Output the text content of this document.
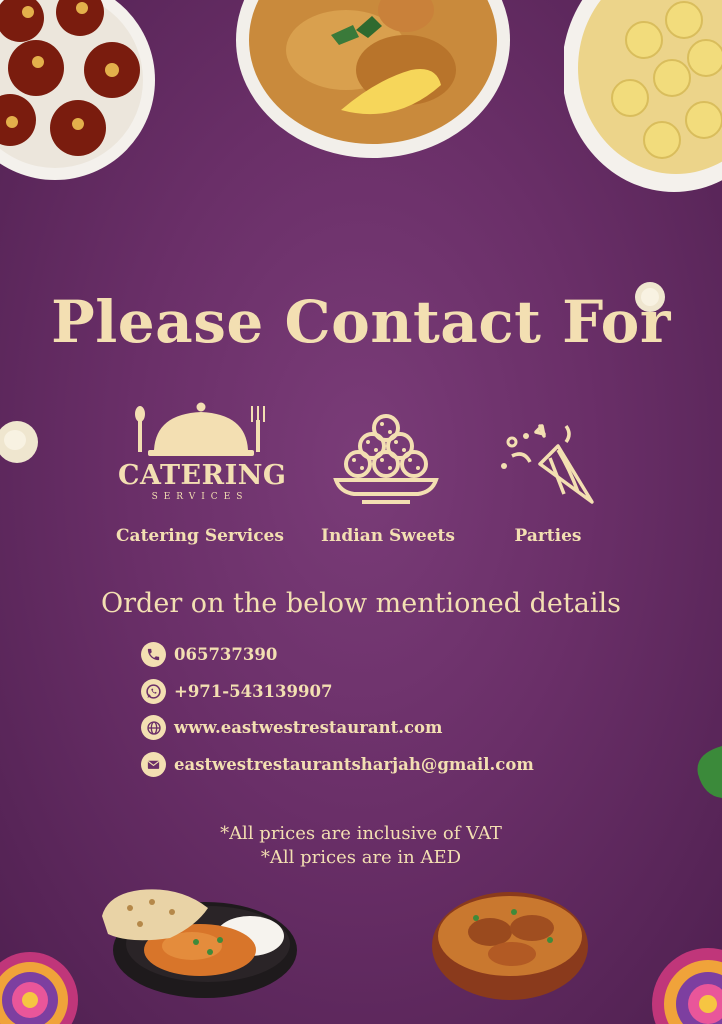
Please Contact For
CATERING
SERVICES
Catering Services	Indian Sweets	Parties
Order on the below mentioned details
065737390
+971-543139907
www.eastwestrestaurant.com
eastwestrestaurantsharjah@gmail.com
*All prices are inclusive of VAT
*All prices are in AED
